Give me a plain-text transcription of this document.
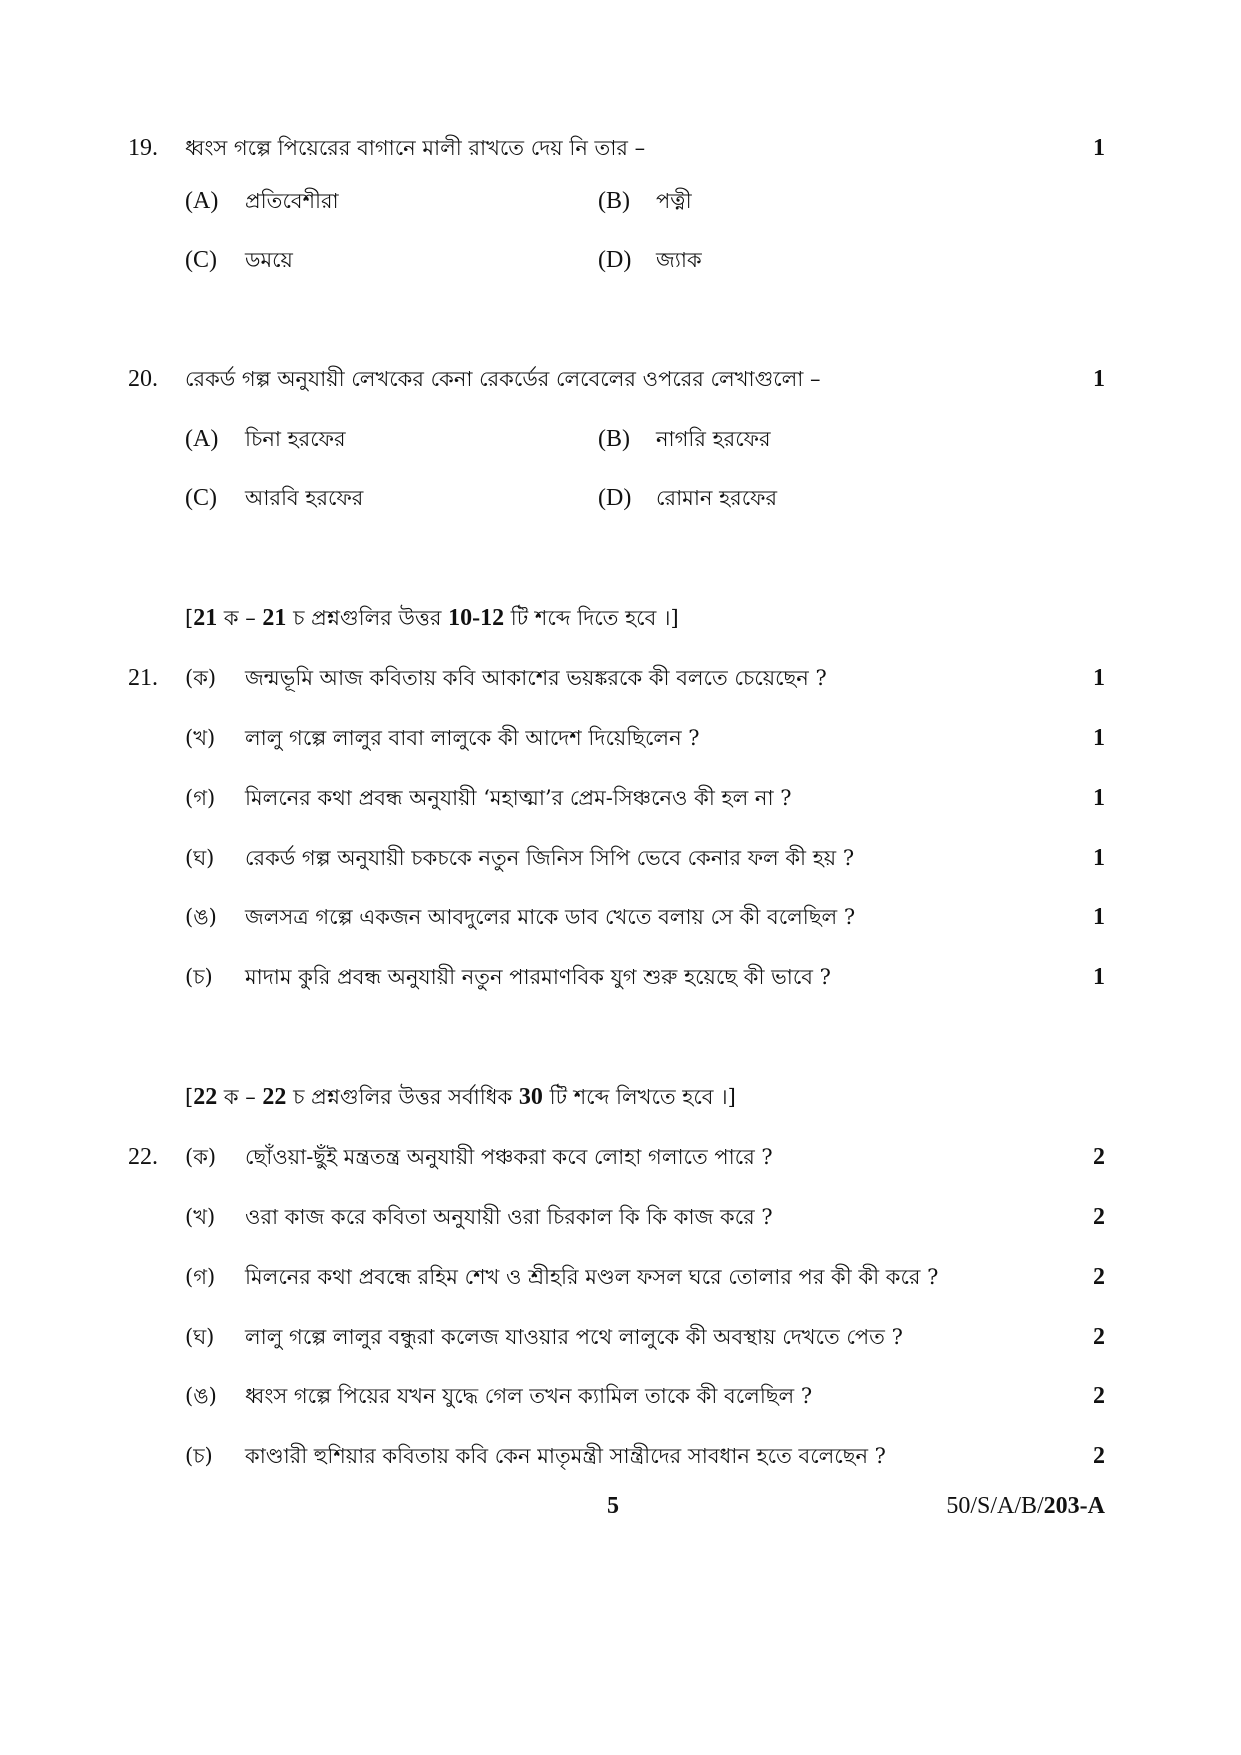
19. ধ্বংস গল্পে পিয়েরের বাগানে মালী রাখতে দেয় নি তার –	1
(A) প্রতিবেশীরা	(B) পত্নী
(C) ডময়ে	(D) জ্যাক
20. রেকর্ড গল্প অনুযায়ী লেখকের কেনা রেকর্ডের লেবেলের ওপরের লেখাগুলো –	1
(A) চিনা হরফের	(B) নাগরি হরফের
(C) আরবি হরফের	(D) রোমান হরফের
[21 ক – 21 চ প্রশ্নগুলির উত্তর 10-12 টি শব্দে দিতে হবে ।]
21. (ক) জন্মভূমি আজ কবিতায় কবি আকাশের ভয়ঙ্করকে কী বলতে চেয়েছেন ?	1
(খ) লালু গল্পে লালুর বাবা লালুকে কী আদেশ দিয়েছিলেন ?	1
(গ) মিলনের কথা প্রবন্ধ অনুযায়ী ‘মহাত্মা’র প্রেম-সিঞ্চনেও কী হল না ?	1
(ঘ) রেকর্ড গল্প অনুযায়ী চকচকে নতুন জিনিস সিপি ভেবে কেনার ফল কী হয় ?	1
(ঙ) জলসত্র গল্পে একজন আবদুলের মাকে ডাব খেতে বলায় সে কী বলেছিল ?	1
(চ) মাদাম কুরি প্রবন্ধ অনুযায়ী নতুন পারমাণবিক যুগ শুরু হয়েছে কী ভাবে ?	1
[22 ক – 22 চ প্রশ্নগুলির উত্তর সর্বাধিক 30 টি শব্দে লিখতে হবে ।]
22. (ক) ছোঁওয়া-ছুঁই মন্ত্রতন্ত্র অনুযায়ী পঞ্চকরা কবে লোহা গলাতে পারে ?	2
(খ) ওরা কাজ করে কবিতা অনুযায়ী ওরা চিরকাল কি কি কাজ করে ?	2
(গ) মিলনের কথা প্রবন্ধে রহিম শেখ ও শ্রীহরি মণ্ডল ফসল ঘরে তোলার পর কী কী করে ?	2
(ঘ) লালু গল্পে লালুর বন্ধুরা কলেজ যাওয়ার পথে লালুকে কী অবস্থায় দেখতে পেত ?	2
(ঙ) ধ্বংস গল্পে পিয়ের যখন যুদ্ধে গেল তখন ক্যামিল তাকে কী বলেছিল ?	2
(চ) কাণ্ডারী হুশিয়ার কবিতায় কবি কেন মাতৃমন্ত্রী সান্ত্রীদের সাবধান হতে বলেছেন ?	2
5	50/S/A/B/203-A
